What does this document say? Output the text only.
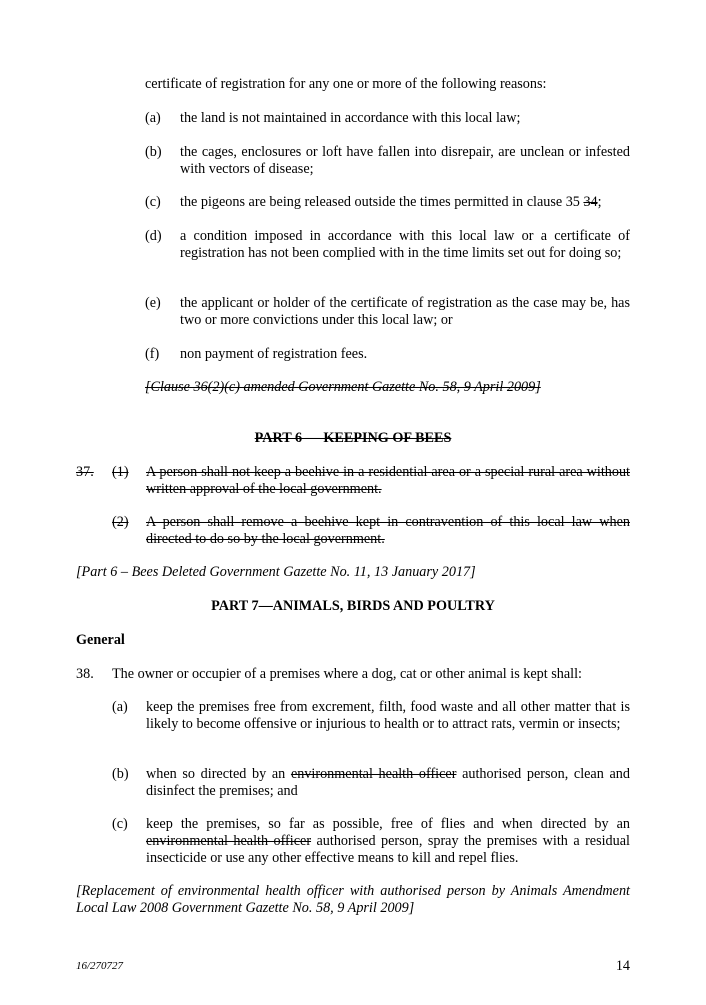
certificate of registration for any one or more of the following reasons:
(a) the land is not maintained in accordance with this local law;
(b) the cages, enclosures or loft have fallen into disrepair, are unclean or infested with vectors of disease;
(c) the pigeons are being released outside the times permitted in clause 35 34;
(d) a condition imposed in accordance with this local law or a certificate of registration has not been complied with in the time limits set out for doing so;
(e) the applicant or holder of the certificate of registration as the case may be, has two or more convictions under this local law; or
(f) non payment of registration fees.
[Clause 36(2)(c) amended Government Gazette No. 58, 9 April 2009]
PART 6 — KEEPING OF BEES
37. (1) A person shall not keep a beehive in a residential area or a special rural area without written approval of the local government.
(2) A person shall remove a beehive kept in contravention of this local law when directed to do so by the local government.
[Part 6 – Bees Deleted Government Gazette No. 11, 13 January 2017]
PART 7—ANIMALS, BIRDS AND POULTRY
General
38. The owner or occupier of a premises where a dog, cat or other animal is kept shall:
(a) keep the premises free from excrement, filth, food waste and all other matter that is likely to become offensive or injurious to health or to attract rats, vermin or insects;
(b) when so directed by an environmental health officer authorised person, clean and disinfect the premises; and
(c) keep the premises, so far as possible, free of flies and when directed by an environmental health officer authorised person, spray the premises with a residual insecticide or use any other effective means to kill and repel flies.
[Replacement of environmental health officer with authorised person by Animals Amendment Local Law 2008 Government Gazette No. 58, 9 April 2009]
16/270727	14
